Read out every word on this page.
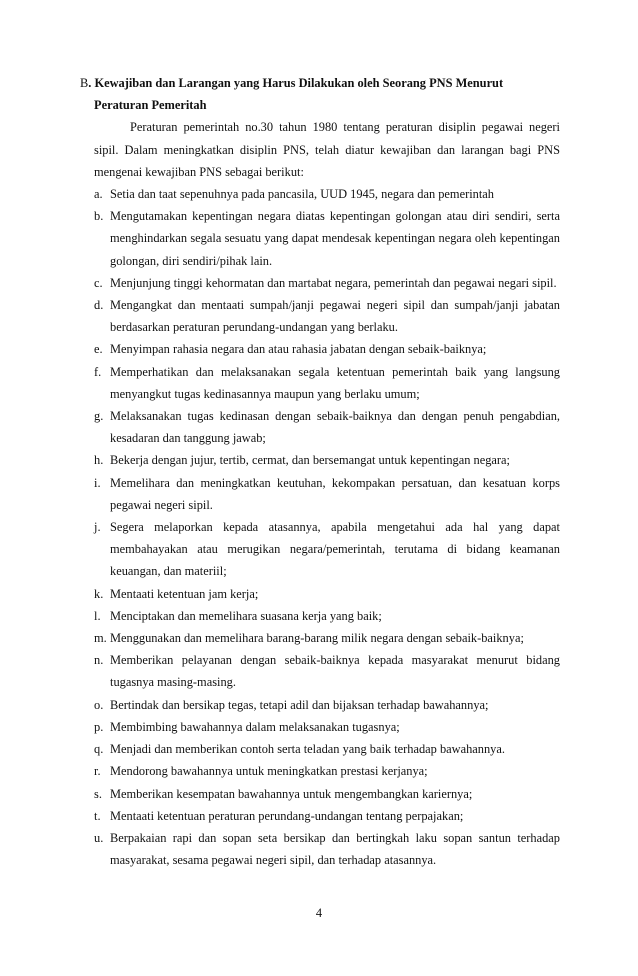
B. Kewajiban dan Larangan yang Harus Dilakukan oleh Seorang PNS Menurut Peraturan Pemeritah

Peraturan pemerintah no.30 tahun 1980 tentang peraturan disiplin pegawai negeri sipil. Dalam meningkatkan disiplin PNS, telah diatur kewajiban dan larangan bagi PNS mengenai kewajiban PNS sebagai berikut:

a. Setia dan taat sepenuhnya pada pancasila, UUD 1945, negara dan pemerintah
b. Mengutamakan kepentingan negara diatas kepentingan golongan atau diri sendiri, serta menghindarkan segala sesuatu yang dapat mendesak kepentingan negara oleh kepentingan golongan, diri sendiri/pihak lain.
c. Menjunjung tinggi kehormatan dan martabat negara, pemerintah dan pegawai negari sipil.
d. Mengangkat dan mentaati sumpah/janji pegawai negeri sipil dan sumpah/janji jabatan berdasarkan peraturan perundang-undangan yang berlaku.
e. Menyimpan rahasia negara dan atau rahasia jabatan dengan sebaik-baiknya;
f. Memperhatikan dan melaksanakan segala ketentuan pemerintah baik yang langsung menyangkut tugas kedinasannya maupun yang berlaku umum;
g. Melaksanakan tugas kedinasan dengan sebaik-baiknya dan dengan penuh pengabdian, kesadaran dan tanggung jawab;
h. Bekerja dengan jujur, tertib, cermat, dan bersemangat untuk kepentingan negara;
i. Memelihara dan meningkatkan keutuhan, kekompakan persatuan, dan kesatuan korps pegawai negeri sipil.
j. Segera melaporkan kepada atasannya, apabila mengetahui ada hal yang dapat membahayakan atau merugikan negara/pemerintah, terutama di bidang keamanan keuangan, dan materiil;
k. Mentaati ketentuan jam kerja;
l. Menciptakan dan memelihara suasana kerja yang baik;
m. Menggunakan dan memelihara barang-barang milik negara dengan sebaik-baiknya;
n. Memberikan pelayanan dengan sebaik-baiknya kepada masyarakat menurut bidang tugasnya masing-masing.
o. Bertindak dan bersikap tegas, tetapi adil dan bijaksan terhadap bawahannya;
p. Membimbing bawahannya dalam melaksanakan tugasnya;
q. Menjadi dan memberikan contoh serta teladan yang baik terhadap bawahannya.
r. Mendorong bawahannya untuk meningkatkan prestasi kerjanya;
s. Memberikan kesempatan bawahannya untuk mengembangkan kariernya;
t. Mentaati ketentuan peraturan perundang-undangan tentang perpajakan;
u. Berpakaian rapi dan sopan seta bersikap dan bertingkah laku sopan santun terhadap masyarakat, sesama pegawai negeri sipil, dan terhadap atasannya.
4
